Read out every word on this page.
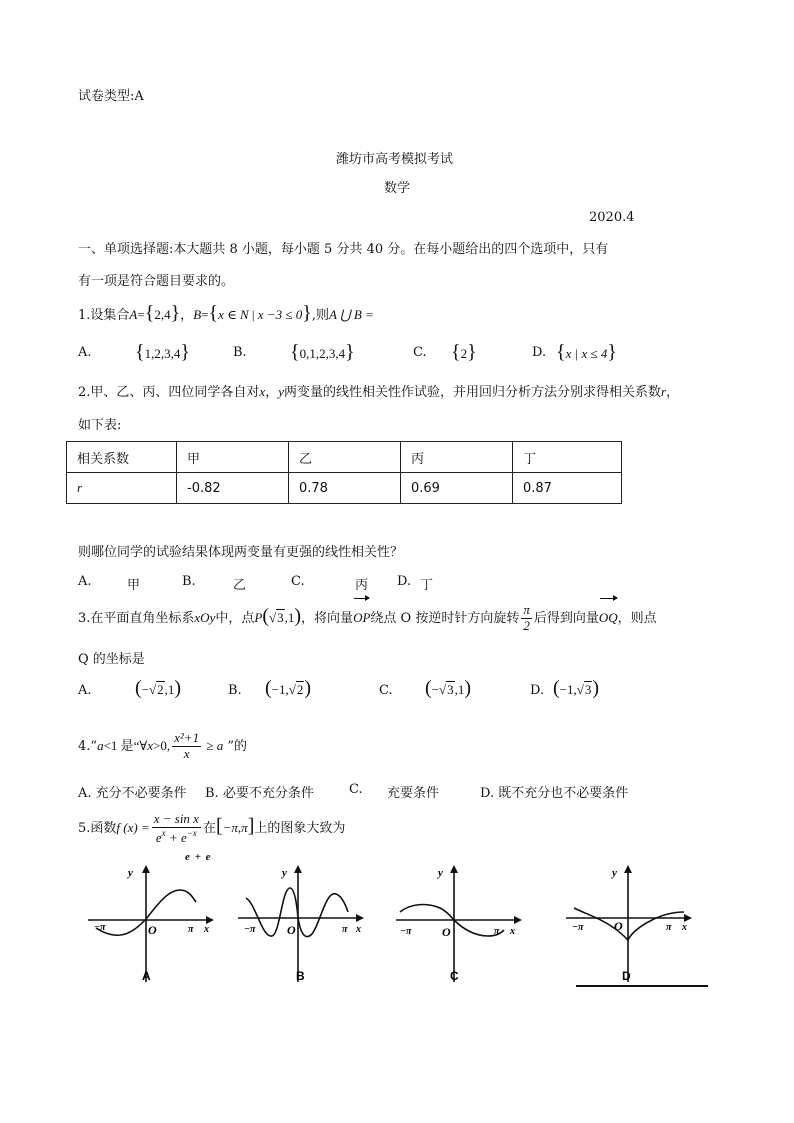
试卷类型:A
潍坊市高考模拟考试
数学
2020.4
一、单项选择题:本大题共 8 小题，每小题 5 分共 40 分。在每小题给出的四个选项中，只有
有一项是符合题目要求的。
1.设集合A={2,4}，B={x ∈ N | x −3 ≤ 0},则A ⋃ B =
A. {1,2,3,4}	B. {0,1,2,3,4}	C. {2}	D. {x | x ≤ 4}
2.甲、乙、丙、四位同学各自对x，y两变量的线性相关性作试验，并用回归分析方法分别求得相关系数r，
如下表:
相关系数	甲	乙	丙	丁
r	-0.82	0.78	0.69	0.87
则哪位同学的试验结果体现两变量有更强的线性相关性？
A.	甲	B.	乙	C.	丙 D. 丁
3.在平面直角坐标系xOy中，点P(√3,1)，将向量OP绕点 O 按逆时针方向旋转 $\frac{\pi}{2}$ 后得到向量OQ，则点
Q 的坐标是
A. (−√2,1)	B. (−1,√2)	C. (−√3,1)	D. (−1,√3)
4.“a<1 是“∀x>0, $\frac{\text{x²+1}}{x} \ge a$ ”的
A. 充分不必要条件 B. 必要不充分条件	C. 充要条件	D. 既不充分也不必要条件
5.函数f $(x) = \frac{\text{x − sin x}}{e^x + e^{-x}}$ 在[−π,π]上的图象大致为
e + e
y
−π	O	π x
A
y
−π	O	π x
B
y
−π	O	π x
C
y
−π	O	π x
D
